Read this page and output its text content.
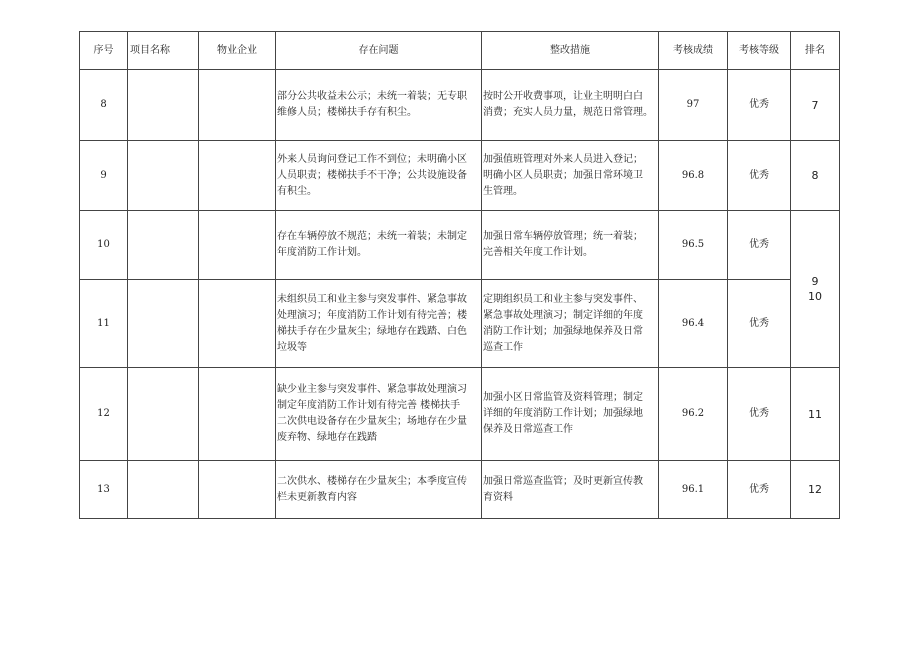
序号	项目名称	物业企业	存在问题	整改措施	考核成绩	考核等级	排名
8			部分公共收益未公示；未统一着装；无专职
维修人员；楼梯扶手存有积尘。	按时公开收费事项，让业主明明白白
消费；充实人员力量，规范日常管理。	97	优秀	7
9			外来人员询问登记工作不到位；未明确小区
人员职责；楼梯扶手不干净；公共设施设备
有积尘。	加强值班管理对外来人员进入登记；
明确小区人员职责；加强日常环境卫
生管理。	96.8	优秀	8
10			存在车辆停放不规范；未统一着装；未制定
年度消防工作计划。	加强日常车辆停放管理；统一着装；
完善相关年度工作计划。	96.5	优秀	9
10
11			未组织员工和业主参与突发事件、紧急事故
处理演习；年度消防工作计划有待完善；楼
梯扶手存在少量灰尘；绿地存在践踏、白色
垃圾等	定期组织员工和业主参与突发事件、
紧急事故处理演习；制定详细的年度
消防工作计划；加强绿地保养及日常
巡查工作	96.4	优秀	
12			缺少业主参与突发事件、紧急事故处理演习
制定年度消防工作计划有待完善 楼梯扶手
二次供电设备存在少量灰尘；场地存在少量
废弃物、绿地存在践踏	加强小区日常监管及资料管理；制定
详细的年度消防工作计划；加强绿地
保养及日常巡查工作	96.2	优秀	11
13			二次供水、楼梯存在少量灰尘；本季度宣传
栏未更新教育内容	加强日常巡查监管；及时更新宣传教
育资料	96.1	优秀	12
